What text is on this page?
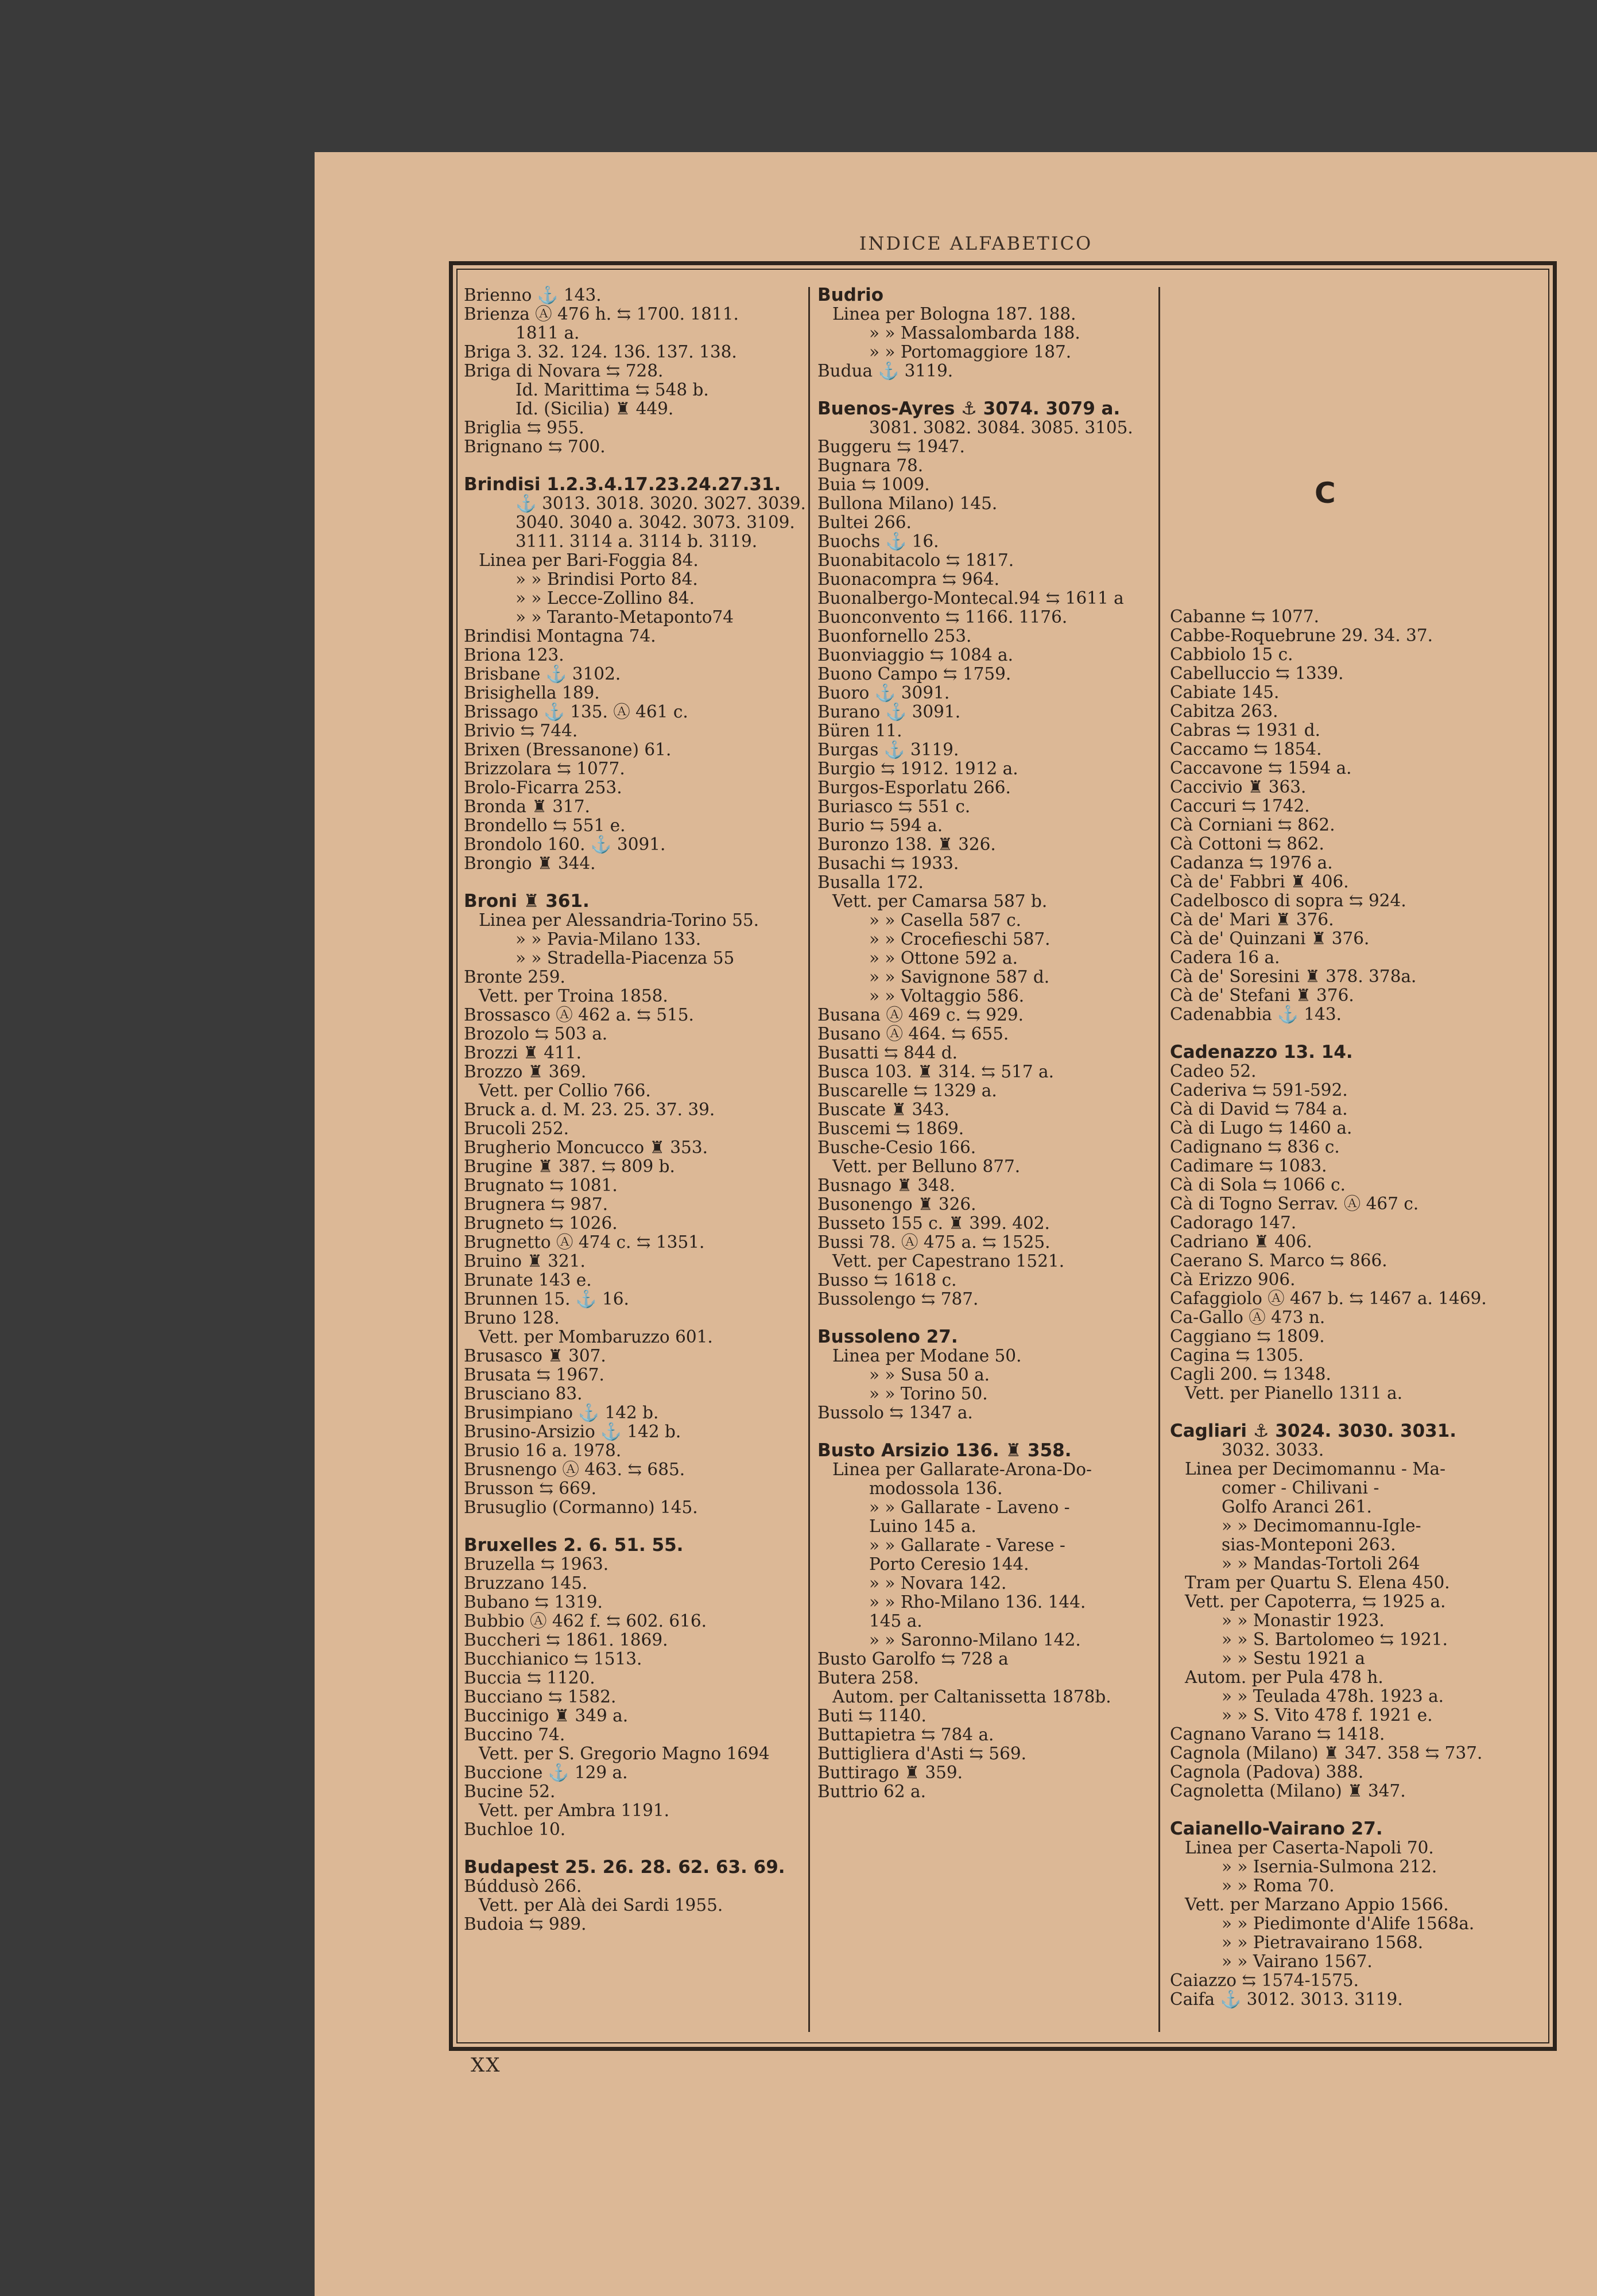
INDICE ALFABETICO
Brienno ⚓ 143.
Brienza Ⓐ 476 h. ⇆ 1700. 1811.
1811 a.
Briga 3. 32. 124. 136. 137. 138.
Briga di Novara ⇆ 728.
Id. Marittima ⇆ 548 b.
Id. (Sicilia) ♜ 449.
Briglia ⇆ 955.
Brignano ⇆ 700.

Brindisi 1.2.3.4.17.23.24.27.31.
⚓ 3013. 3018. 3020. 3027. 3039.
3040. 3040 a. 3042. 3073. 3109.
3111. 3114 a. 3114 b. 3119.
Linea per Bari-Foggia 84.
» » Brindisi Porto 84.
» » Lecce-Zollino 84.
» » Taranto-Metaponto74
Brindisi Montagna 74.
Briona 123.
Brisbane ⚓ 3102.
Brisighella 189.
Brissago ⚓ 135. Ⓐ 461 c.
Brivio ⇆ 744.
Brixen (Bressanone) 61.
Brizzolara ⇆ 1077.
Brolo-Ficarra 253.
Bronda ♜ 317.
Brondello ⇆ 551 e.
Brondolo 160. ⚓ 3091.
Brongio ♜ 344.

Broni ♜ 361.
Linea per Alessandria-Torino 55.
» » Pavia-Milano 133.
» » Stradella-Piacenza 55
Bronte 259.
Vett. per Troina 1858.
Brossasco Ⓐ 462 a. ⇆ 515.
Brozolo ⇆ 503 a.
Brozzi ♜ 411.
Brozzo ♜ 369.
Vett. per Collio 766.
Bruck a. d. M. 23. 25. 37. 39.
Brucoli 252.
Brugherio Moncucco ♜ 353.
Brugine ♜ 387. ⇆ 809 b.
Brugnato ⇆ 1081.
Brugnera ⇆ 987.
Brugneto ⇆ 1026.
Brugnetto Ⓐ 474 c. ⇆ 1351.
Bruino ♜ 321.
Brunate 143 e.
Brunnen 15. ⚓ 16.
Bruno 128.
Vett. per Mombaruzzo 601.
Brusasco ♜ 307.
Brusata ⇆ 1967.
Brusciano 83.
Brusimpiano ⚓ 142 b.
Brusino-Arsizio ⚓ 142 b.
Brusio 16 a. 1978.
Brusnengo Ⓐ 463. ⇆ 685.
Brusson ⇆ 669.
Brusuglio (Cormanno) 145.

Bruxelles 2. 6. 51. 55.
Bruzella ⇆ 1963.
Bruzzano 145.
Bubano ⇆ 1319.
Bubbio Ⓐ 462 f. ⇆ 602. 616.
Buccheri ⇆ 1861. 1869.
Bucchianico ⇆ 1513.
Buccia ⇆ 1120.
Bucciano ⇆ 1582.
Buccinigo ♜ 349 a.
Buccino 74.
Vett. per S. Gregorio Magno 1694
Buccione ⚓ 129 a.
Bucine 52.
Vett. per Ambra 1191.
Buchloe 10.

Budapest 25. 26. 28. 62. 63. 69.
Búddusò 266.
Vett. per Alà dei Sardi 1955.
Budoia ⇆ 989.
Budrio
Linea per Bologna 187. 188.
» » Massalombarda 188.
» » Portomaggiore 187.
Budua ⚓ 3119.

Buenos-Ayres ⚓ 3074. 3079 a.
3081. 3082. 3084. 3085. 3105.
Buggeru ⇆ 1947.
Bugnara 78.
Buia ⇆ 1009.
Bullona Milano) 145.
Bultei 266.
Buochs ⚓ 16.
Buonabitacolo ⇆ 1817.
Buonacompra ⇆ 964.
Buonalbergo-Montecal.94 ⇆ 1611 a
Buonconvento ⇆ 1166. 1176.
Buonfornello 253.
Buonviaggio ⇆ 1084 a.
Buono Campo ⇆ 1759.
Buoro ⚓ 3091.
Burano ⚓ 3091.
Büren 11.
Burgas ⚓ 3119.
Burgio ⇆ 1912. 1912 a.
Burgos-Esporlatu 266.
Buriasco ⇆ 551 c.
Burio ⇆ 594 a.
Buronzo 138. ♜ 326.
Busachi ⇆ 1933.
Busalla 172.
Vett. per Camarsa 587 b.
» » Casella 587 c.
» » Crocefieschi 587.
» » Ottone 592 a.
» » Savignone 587 d.
» » Voltaggio 586.
Busana Ⓐ 469 c. ⇆ 929.
Busano Ⓐ 464. ⇆ 655.
Busatti ⇆ 844 d.
Busca 103. ♜ 314. ⇆ 517 a.
Buscarelle ⇆ 1329 a.
Buscate ♜ 343.
Buscemi ⇆ 1869.
Busche-Cesio 166.
Vett. per Belluno 877.
Busnago ♜ 348.
Busonengo ♜ 326.
Busseto 155 c. ♜ 399. 402.
Bussi 78. Ⓐ 475 a. ⇆ 1525.
Vett. per Capestrano 1521.
Busso ⇆ 1618 c.
Bussolengo ⇆ 787.

Bussoleno 27.
Linea per Modane 50.
» » Susa 50 a.
» » Torino 50.
Bussolo ⇆ 1347 a.

Busto Arsizio 136. ♜ 358.
Linea per Gallarate-Arona-Do-
modossola 136.
» » Gallarate - Laveno -
Luino 145 a.
» » Gallarate - Varese -
Porto Ceresio 144.
» » Novara 142.
» » Rho-Milano 136. 144.
145 a.
» » Saronno-Milano 142.
Busto Garolfo ⇆ 728 a
Butera 258.
Autom. per Caltanissetta 1878b.
Buti ⇆ 1140.
Buttapietra ⇆ 784 a.
Buttigliera d'Asti ⇆ 569.
Buttirago ♜ 359.
Buttrio 62 a.
Cabanne ⇆ 1077.
Cabbe-Roquebrune 29. 34. 37.
Cabbiolo 15 c.
Cabelluccio ⇆ 1339.
Cabiate 145.
Cabitza 263.
Cabras ⇆ 1931 d.
Caccamo ⇆ 1854.
Caccavone ⇆ 1594 a.
Caccivio ♜ 363.
Caccuri ⇆ 1742.
Cà Corniani ⇆ 862.
Cà Cottoni ⇆ 862.
Cadanza ⇆ 1976 a.
Cà de' Fabbri ♜ 406.
Cadelbosco di sopra ⇆ 924.
Cà de' Mari ♜ 376.
Cà de' Quinzani ♜ 376.
Cadera 16 a.
Cà de' Soresini ♜ 378. 378a.
Cà de' Stefani ♜ 376.
Cadenabbia ⚓ 143.

Cadenazzo 13. 14.
Cadeo 52.
Caderiva ⇆ 591-592.
Cà di David ⇆ 784 a.
Cà di Lugo ⇆ 1460 a.
Cadignano ⇆ 836 c.
Cadimare ⇆ 1083.
Cà di Sola ⇆ 1066 c.
Cà di Togno Serrav. Ⓐ 467 c.
Cadorago 147.
Cadriano ♜ 406.
Caerano S. Marco ⇆ 866.
Cà Erizzo 906.
Cafaggiolo Ⓐ 467 b. ⇆ 1467 a. 1469.
Ca-Gallo Ⓐ 473 n.
Caggiano ⇆ 1809.
Cagina ⇆ 1305.
Cagli 200. ⇆ 1348.
Vett. per Pianello 1311 a.

Cagliari ⚓ 3024. 3030. 3031.
3032. 3033.
Linea per Decimomannu - Ma-
comer - Chilivani -
Golfo Aranci 261.
» » Decimomannu-Igle-
sias-Monteponi 263.
» » Mandas-Tortoli 264
Tram per Quartu S. Elena 450.
Vett. per Capoterra, ⇆ 1925 a.
» » Monastir 1923.
» » S. Bartolomeo ⇆ 1921.
» » Sestu 1921 a
Autom. per Pula 478 h.
» » Teulada 478h. 1923 a.
» » S. Vito 478 f. 1921 e.
Cagnano Varano ⇆ 1418.
Cagnola (Milano) ♜ 347. 358 ⇆ 737.
Cagnola (Padova) 388.
Cagnoletta (Milano) ♜ 347.

Caianello-Vairano 27.
Linea per Caserta-Napoli 70.
» » Isernia-Sulmona 212.
» » Roma 70.
Vett. per Marzano Appio 1566.
» » Piedimonte d'Alife 1568a.
» » Pietravairano 1568.
» » Vairano 1567.
Caiazzo ⇆ 1574-1575.
Caifa ⚓ 3012. 3013. 3119.
C
XX
